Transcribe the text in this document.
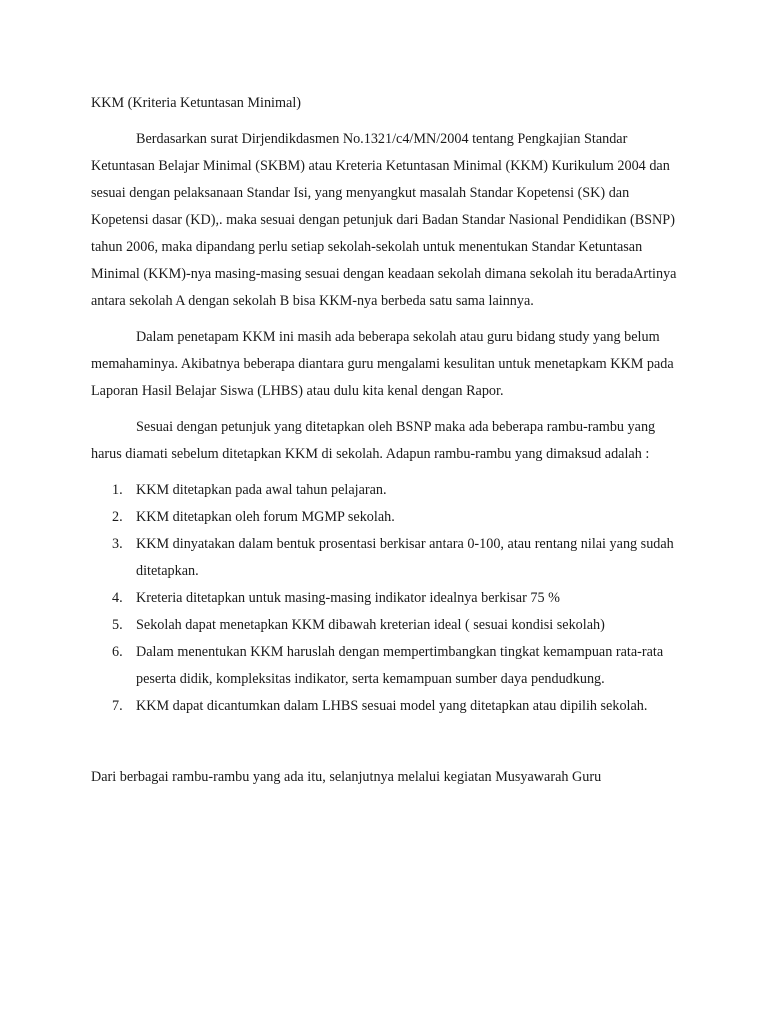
KKM (Kriteria Ketuntasan Minimal)

Berdasarkan surat Dirjendikdasmen No.1321/c4/MN/2004 tentang Pengkajian Standar Ketuntasan Belajar Minimal (SKBM) atau Kreteria Ketuntasan Minimal (KKM) Kurikulum 2004 dan sesuai dengan pelaksanaan Standar Isi, yang menyangkut masalah Standar Kopetensi (SK) dan Kopetensi dasar (KD),. maka sesuai dengan petunjuk dari Badan Standar Nasional Pendidikan (BSNP) tahun 2006, maka dipandang perlu setiap sekolah-sekolah untuk menentukan Standar Ketuntasan Minimal (KKM)-nya masing-masing sesuai dengan keadaan sekolah dimana sekolah itu beradaArtinya antara sekolah A dengan sekolah B bisa KKM-nya berbeda satu sama lainnya.

Dalam penetapam KKM ini masih ada beberapa sekolah atau guru bidang study yang belum memahaminya. Akibatnya beberapa diantara guru mengalami kesulitan untuk menetapkam KKM pada Laporan Hasil Belajar Siswa (LHBS) atau dulu kita kenal dengan Rapor.

Sesuai dengan petunjuk yang ditetapkan oleh BSNP maka ada beberapa rambu-rambu yang harus diamati sebelum ditetapkan KKM di sekolah. Adapun rambu-rambu yang dimaksud adalah :

1. KKM ditetapkan pada awal tahun pelajaran.
2. KKM ditetapkan oleh forum MGMP sekolah.
3. KKM dinyatakan dalam bentuk prosentasi berkisar antara 0-100, atau rentang nilai yang sudah ditetapkan.
4. Kreteria ditetapkan untuk masing-masing indikator idealnya berkisar 75 %
5. Sekolah dapat menetapkan KKM dibawah kreterian ideal ( sesuai kondisi sekolah)
6. Dalam menentukan KKM haruslah dengan mempertimbangkan tingkat kemampuan rata-rata peserta didik, kompleksitas indikator, serta kemampuan sumber daya pendudkung.
7. KKM dapat dicantumkan dalam LHBS sesuai model yang ditetapkan atau dipilih sekolah.

Dari berbagai rambu-rambu yang ada itu, selanjutnya melalui kegiatan Musyawarah Guru
